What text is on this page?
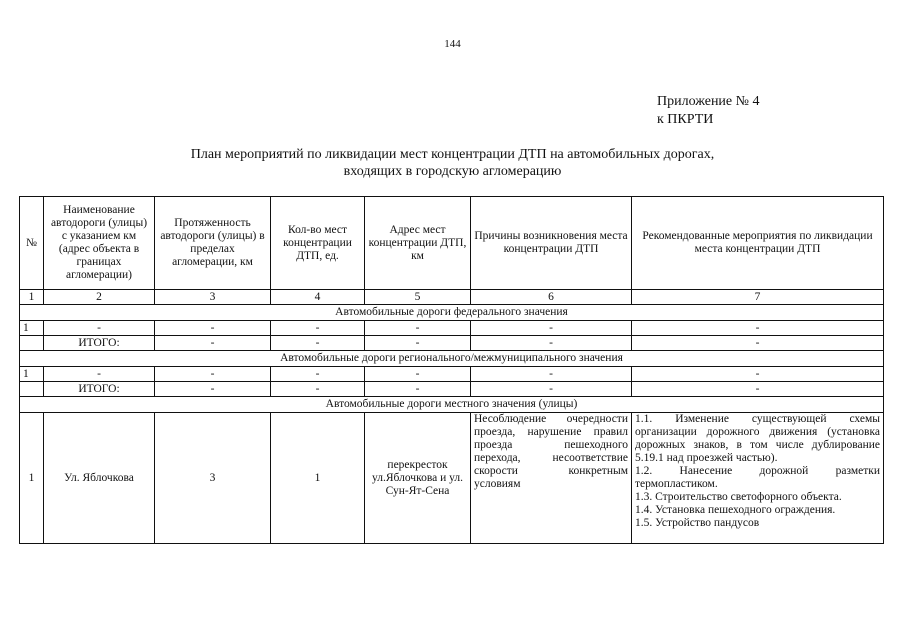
144
Приложение № 4
к ПКРТИ
План мероприятий по ликвидации мест концентрации ДТП на автомобильных дорогах,
входящих в городскую агломерацию
№	Наименование автодороги (улицы) с указанием км (адрес объекта в границах агломерации)	Протяженность автодороги (улицы) в пределах агломерации, км	Кол-во мест концентрации ДТП, ед.	Адрес мест концентрации ДТП, км	Причины возникновения места концентрации ДТП	Рекомендованные мероприятия по ликвидации места концентрации ДТП
1	2	3	4	5	6	7
Автомобильные дороги федерального значения						
1	-	-	-	-	-	-
	ИТОГО:	-	-	-	-	-
Автомобильные дороги регионального/межмуниципального значения						
1	-	-	-	-	-	-
	ИТОГО:	-	-	-	-	-
Автомобильные дороги местного значения (улицы)						
1	Ул. Яблочкова	3	1	перекресток ул.Яблочкова и ул. Сун-Ят-Сена	Несоблюдение очередности проезда, нарушение правил проезда пешеходного перехода, несоответствие скорости конкретным условиям	1.1. Изменение существующей схемы организации дорожного движения (установка дорожных знаков, в том числе дублирование 5.19.1 над проезжей частью).
1.2. Нанесение дорожной разметки термопластиком.
1.3. Строительство светофорного объекта.
1.4. Установка пешеходного ограждения.
1.5. Устройство пандусов
